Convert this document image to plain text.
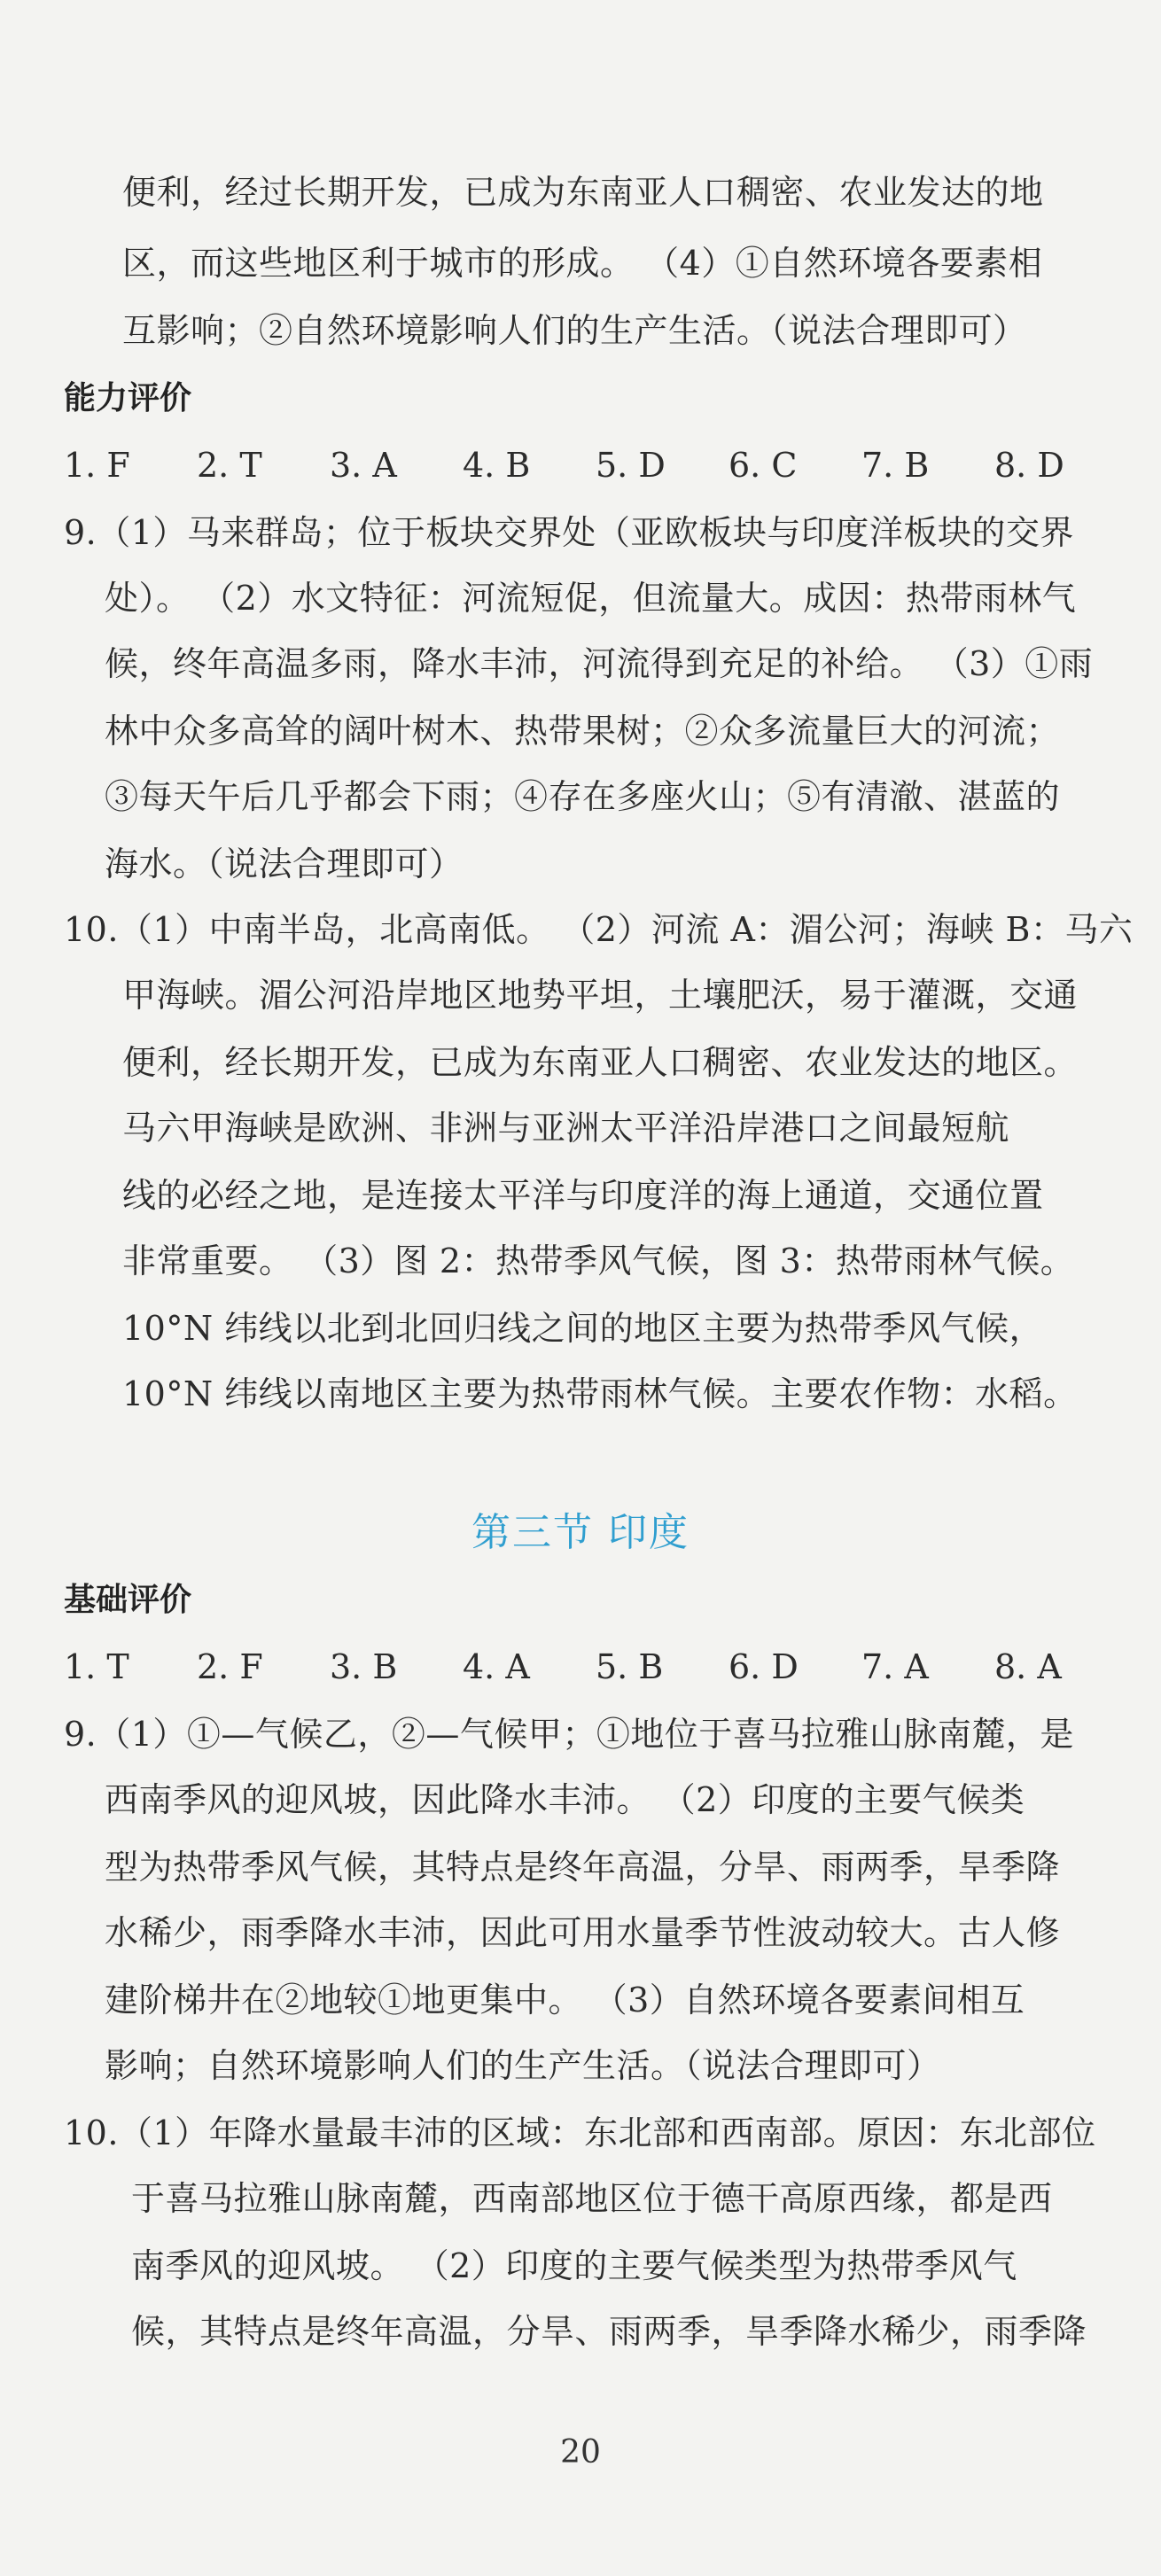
便利，经过长期开发，已成为东南亚人口稠密、农业发达的地
区，而这些地区利于城市的形成。 （4）①自然环境各要素相
互影响；②自然环境影响人们的生产生活。（说法合理即可）
能力评价
1. F 2. T 3. A 4. B 5. D 6. C 7. B 8. D
9.（1）马来群岛；位于板块交界处（亚欧板块与印度洋板块的交界
处）。 （2）水文特征：河流短促，但流量大。成因：热带雨林气
候，终年高温多雨，降水丰沛，河流得到充足的补给。 （3）①雨
林中众多高耸的阔叶树木、热带果树；②众多流量巨大的河流；
③每天午后几乎都会下雨；④存在多座火山；⑤有清澈、湛蓝的
海水。（说法合理即可）
10.（1）中南半岛，北高南低。 （2）河流 A：湄公河；海峡 B：马六
甲海峡。湄公河沿岸地区地势平坦，土壤肥沃，易于灌溉，交通
便利，经长期开发，已成为东南亚人口稠密、农业发达的地区。
马六甲海峡是欧洲、非洲与亚洲太平洋沿岸港口之间最短航
线的必经之地，是连接太平洋与印度洋的海上通道，交通位置
非常重要。 （3）图 2：热带季风气候，图 3：热带雨林气候。
10°N 纬线以北到北回归线之间的地区主要为热带季风气候，
10°N 纬线以南地区主要为热带雨林气候。主要农作物：水稻。
第三节 印度
基础评价
1. T 2. F 3. B 4. A 5. B 6. D 7. A 8. A
9.（1）①—气候乙，②—气候甲；①地位于喜马拉雅山脉南麓，是
西南季风的迎风坡，因此降水丰沛。 （2）印度的主要气候类
型为热带季风气候，其特点是终年高温，分旱、雨两季，旱季降
水稀少，雨季降水丰沛，因此可用水量季节性波动较大。古人修
建阶梯井在②地较①地更集中。 （3）自然环境各要素间相互
影响；自然环境影响人们的生产生活。（说法合理即可）
10.（1）年降水量最丰沛的区域：东北部和西南部。原因：东北部位
于喜马拉雅山脉南麓，西南部地区位于德干高原西缘，都是西
南季风的迎风坡。 （2）印度的主要气候类型为热带季风气
候，其特点是终年高温，分旱、雨两季，旱季降水稀少，雨季降
20
